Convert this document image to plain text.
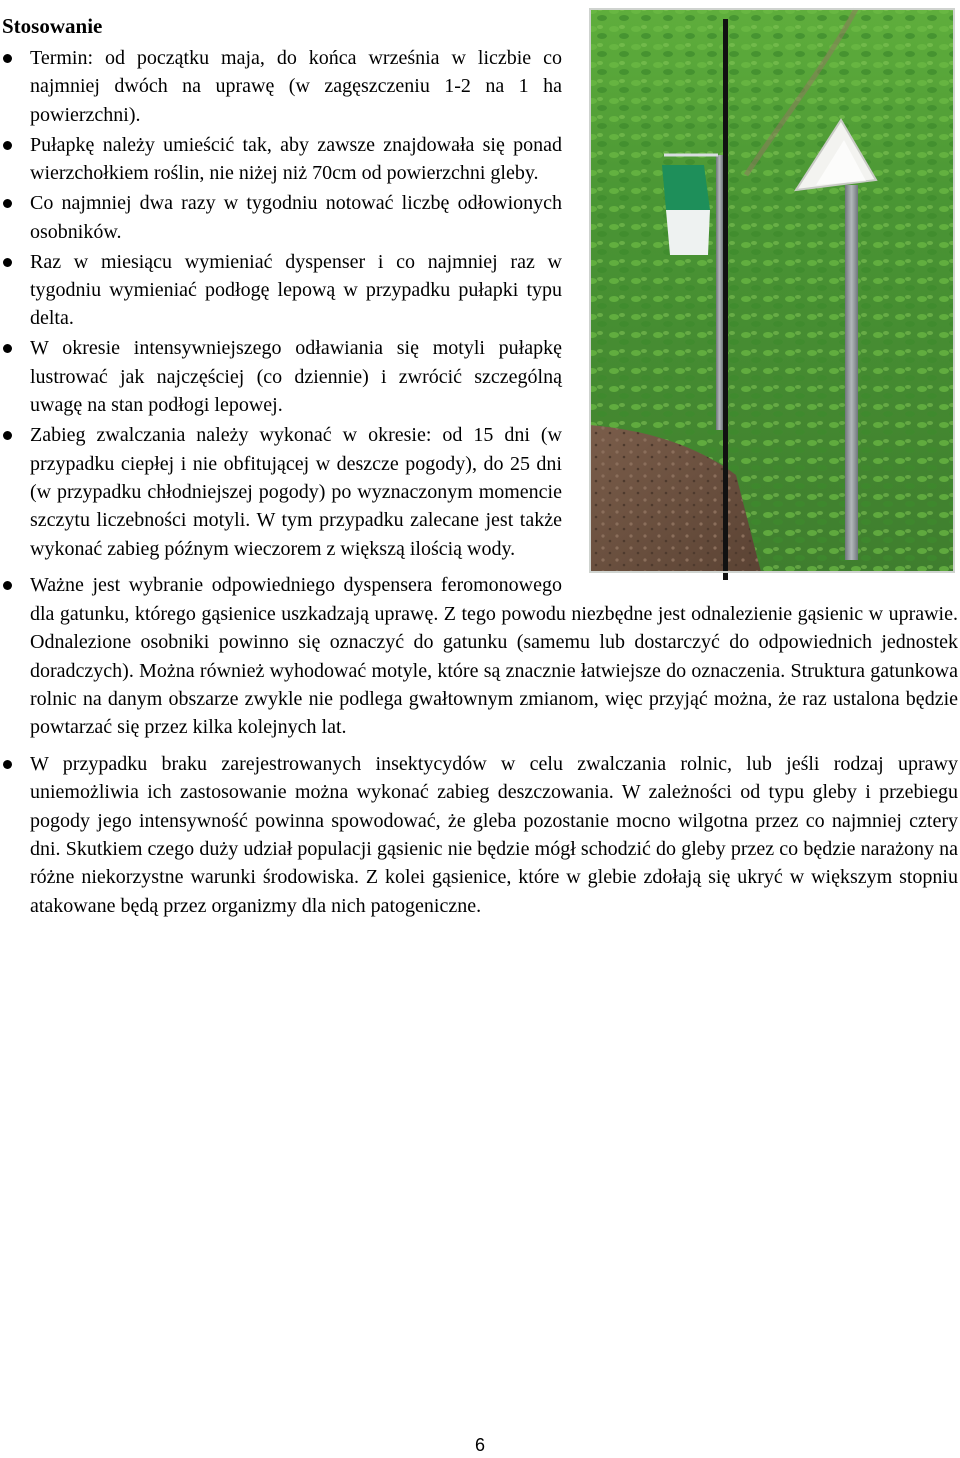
Stosowanie
Termin: od początku maja, do końca września w liczbie co najmniej dwóch na uprawę (w zagęszczeniu 1-2 na 1 ha powierzchni).
Pułapkę należy umieścić tak, aby zawsze znajdowała się ponad wierzchołkiem roślin, nie niżej niż 70cm od powierzchni gleby.
Co najmniej dwa razy w tygodniu notować liczbę odłowionych osobników.
Raz w miesiącu wymieniać dyspenser i co najmniej raz w tygodniu wymieniać podłogę lepową w przypadku pułapki typu delta.
W okresie intensywniejszego odławiania się motyli pułapkę lustrować jak najczęściej (co dziennie) i zwrócić szczególną uwagę na stan podłogi lepowej.
Zabieg zwalczania należy wykonać w okresie: od 15 dni (w przypadku ciepłej i nie obfitującej w deszcze pogody), do 25 dni (w przypadku chłodniejszej pogody) po wyznaczonym momencie szczytu liczebności motyli. W tym przypadku zalecane jest także wykonać zabieg późnym wieczorem z większą ilością wody.
Ważne jest wybranie odpowiedniego dyspensera feromonowego dla gatunku, którego gąsienice uszkadzają uprawę. Z tego powodu niezbędne jest odnalezienie gąsienic w uprawie. Odnalezione osobniki powinno się oznaczyć do gatunku (samemu lub dostarczyć do odpowiednich jednostek doradczych). Można również wyhodować motyle, które są znacznie łatwiejsze do oznaczenia. Struktura gatunkowa rolnic na danym obszarze zwykle nie podlega gwałtownym zmianom, więc przyjąć można, że raz ustalona będzie powtarzać się przez kilka kolejnych lat.
W przypadku braku zarejestrowanych insektycydów w celu zwalczania rolnic, lub jeśli rodzaj uprawy uniemożliwia ich zastosowanie można wykonać zabieg deszczowania. W zależności od typu gleby i przebiegu pogody jego intensywność powinna spowodować, że gleba pozostanie mocno wilgotna przez co najmniej cztery dni. Skutkiem czego duży udział populacji gąsienic nie będzie mógł schodzić do gleby przez co będzie narażony na różne niekorzystne warunki środowiska. Z kolei gąsienice, które w glebie zdołają się ukryć w większym stopniu atakowane będą przez organizmy dla nich patogeniczne.
6
